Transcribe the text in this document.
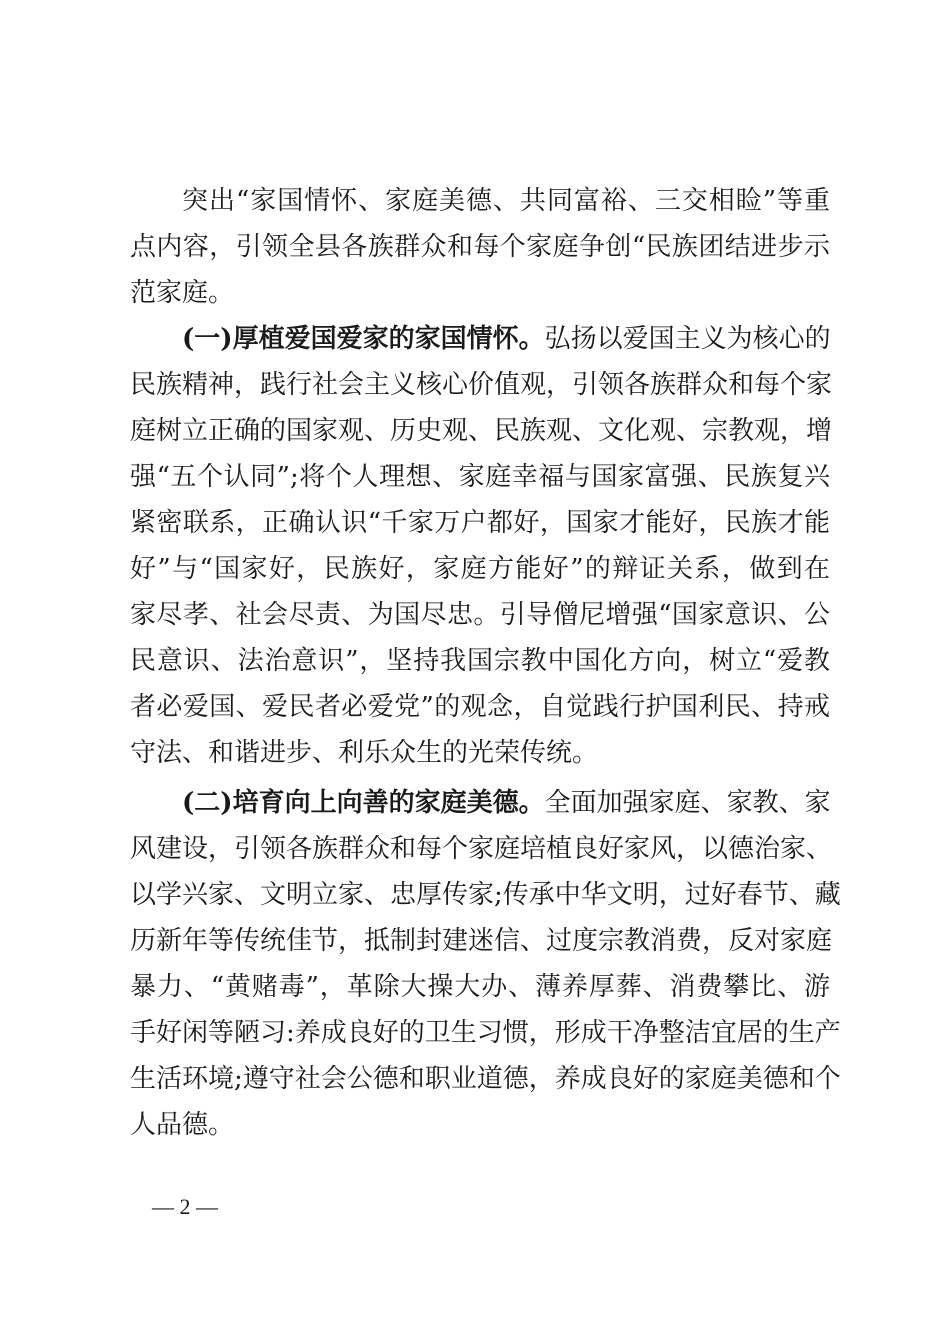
突出“家国情怀、家庭美德、共同富裕、三交相睑”等重
点内容，引领全县各族群众和每个家庭争创“民族团结进步示
范家庭。
(一)厚植爱国爱家的家国情怀。弘扬以爱国主义为核心的
民族精神，践行社会主义核心价值观，引领各族群众和每个家
庭树立正确的国家观、历史观、民族观、文化观、宗教观，增
强“五个认同”;将个人理想、家庭幸福与国家富强、民族复兴
紧密联系，正确认识“千家万户都好，国家才能好，民族才能
好”与“国家好，民族好，家庭方能好”的辩证关系，做到在
家尽孝、社会尽责、为国尽忠。引导僧尼增强“国家意识、公
民意识、法治意识”，坚持我国宗教中国化方向，树立“爱教
者必爱国、爱民者必爱党”的观念，自觉践行护国利民、持戒
守法、和谐进步、利乐众生的光荣传统。
(二)培育向上向善的家庭美德。全面加强家庭、家教、家
风建设，引领各族群众和每个家庭培植良好家风，以德治家、
以学兴家、文明立家、忠厚传家;传承中华文明，过好春节、藏
历新年等传统佳节，抵制封建迷信、过度宗教消费，反对家庭
暴力、“黄赌毒”，革除大操大办、薄养厚葬、消费攀比、游
手好闲等陋习:养成良好的卫生习惯，形成干净整洁宜居的生产
生活环境;遵守社会公德和职业道德，养成良好的家庭美德和个
人品德。
— 2 —
